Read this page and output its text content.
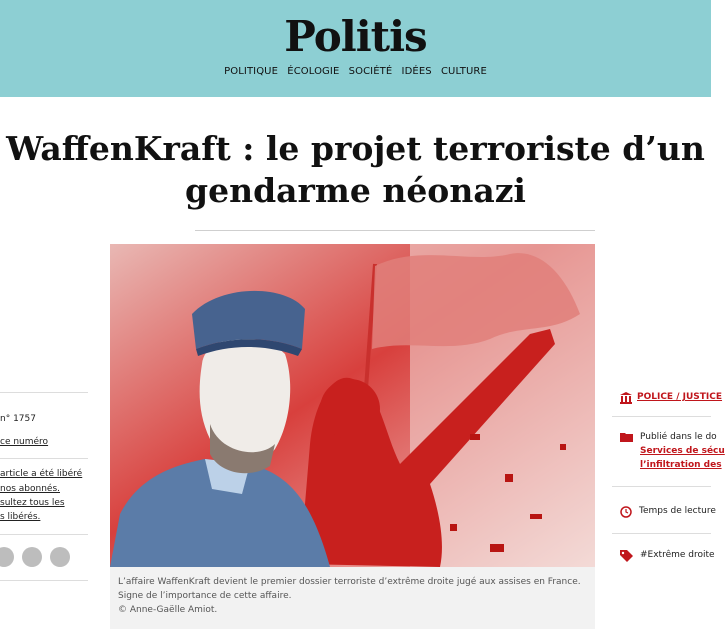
Politis
POLITIQUE ÉCOLOGIE SOCIÉTÉ IDÉES CULTURE
WaffenKraft : le projet terroriste d’un
gendarme néonazi
L’affaire WaffenKraft devient le premier dossier terroriste d’extrême droite jugé aux assises en France. Signe de l’importance de cette affaire.
© Anne-Gaëlle Amiot.
n° 1757
ce numéro
article a été libéré
nos abonnés.
sultez tous les
s libérés.
POLICE / JUSTICE
Publié dans le do
Services de sécu
l’infiltration des
Temps de lecture
#Extrême droite
